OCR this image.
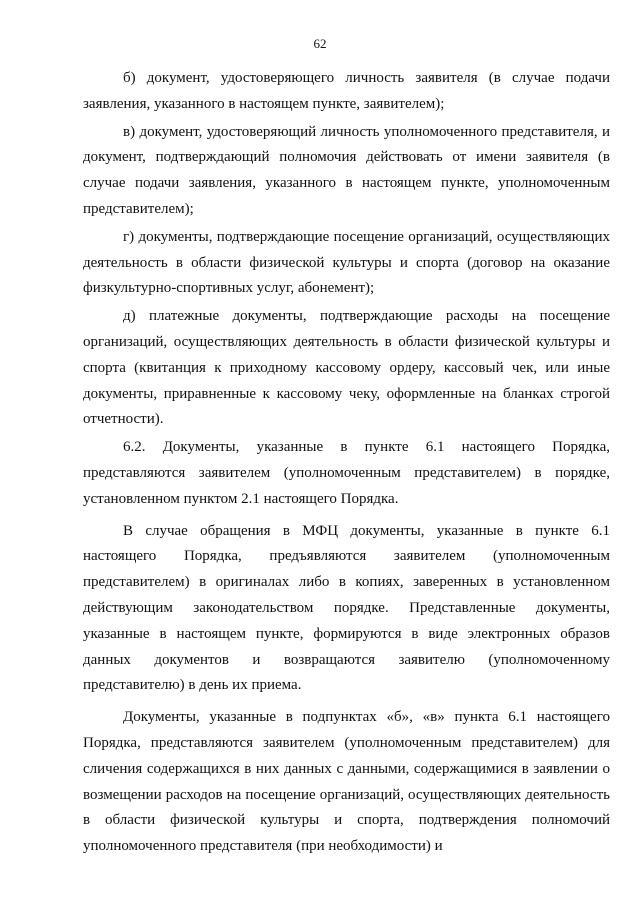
62

б) документ, удостоверяющего личность заявителя (в случае подачи заявления, указанного в настоящем пункте, заявителем);

в) документ, удостоверяющий личность уполномоченного представителя, и документ, подтверждающий полномочия действовать от имени заявителя (в случае подачи заявления, указанного в настоящем пункте, уполномоченным представителем);

г) документы, подтверждающие посещение организаций, осуществляющих деятельность в области физической культуры и спорта (договор на оказание физкультурно-спортивных услуг, абонемент);

д) платежные документы, подтверждающие расходы на посещение организаций, осуществляющих деятельность в области физической культуры и спорта (квитанция к приходному кассовому ордеру, кассовый чек, или иные документы, приравненные к кассовому чеку, оформленные на бланках строгой отчетности).

6.2. Документы, указанные в пункте 6.1 настоящего Порядка, представляются заявителем (уполномоченным представителем) в порядке, установленном пунктом 2.1 настоящего Порядка.

В случае обращения в МФЦ документы, указанные в пункте 6.1 настоящего Порядка, предъявляются заявителем (уполномоченным представителем) в оригиналах либо в копиях, заверенных в установленном действующим законодательством порядке. Представленные документы, указанные в настоящем пункте, формируются в виде электронных образов данных документов и возвращаются заявителю (уполномоченному представителю) в день их приема.

Документы, указанные в подпунктах «б», «в» пункта 6.1 настоящего Порядка, представляются заявителем (уполномоченным представителем) для сличения содержащихся в них данных с данными, содержащимися в заявлении о возмещении расходов на посещение организаций, осуществляющих деятельность в области физической культуры и спорта, подтверждения полномочий уполномоченного представителя (при необходимости) и
